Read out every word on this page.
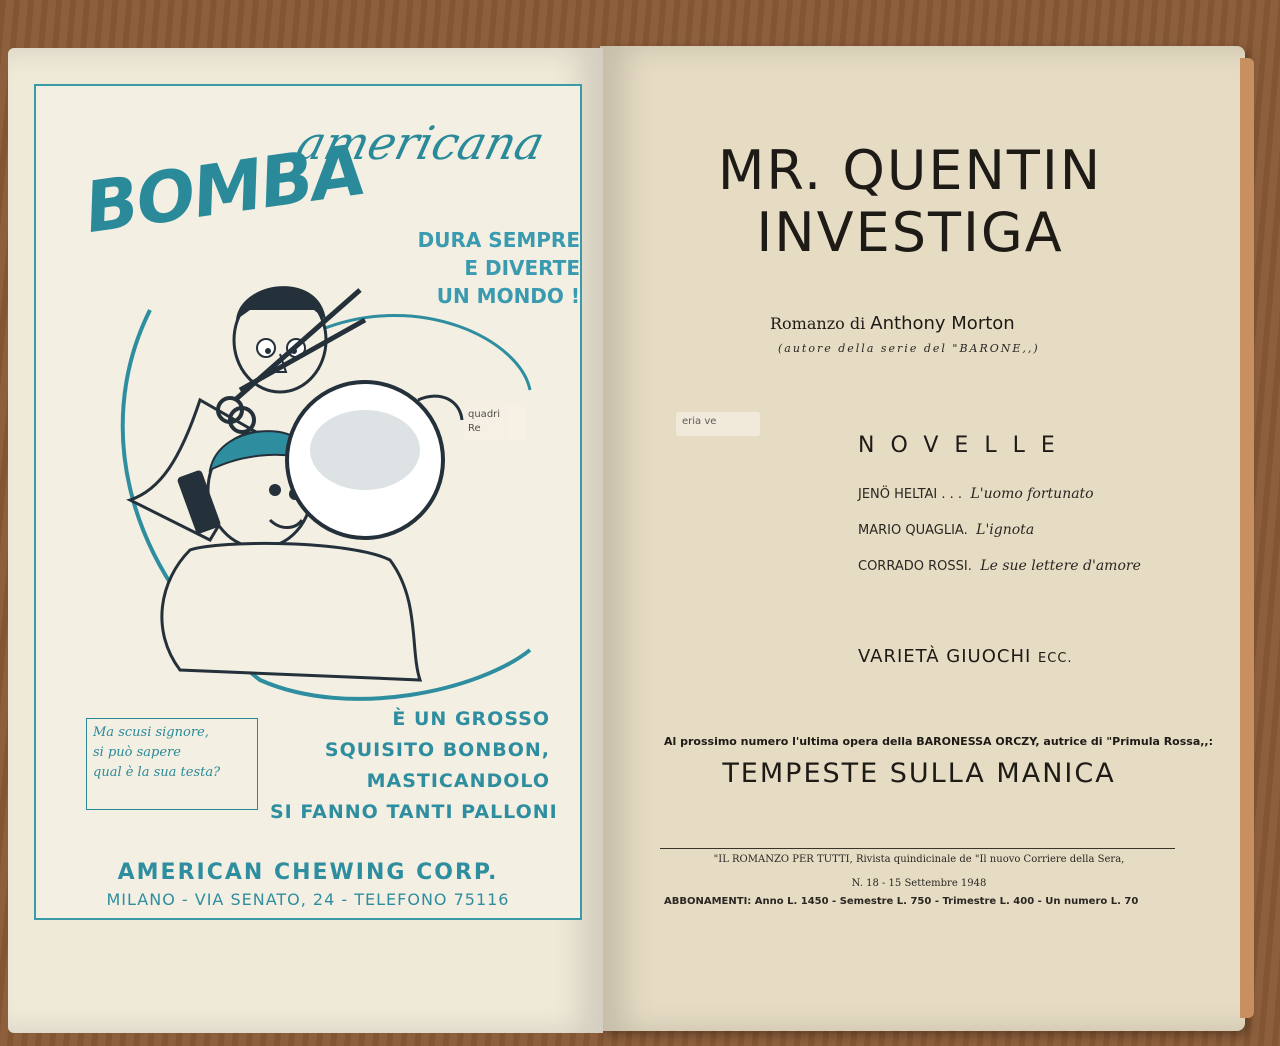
BOMBA
americana
DURA SEMPRE
E DIVERTE
UN MONDO !
quadri
Re
Ma scusi signore,
si può sapere
qual è la sua testa?
È UN GROSSO
SQUISITO BONBON,
MASTICANDOLO
SI FANNO TANTI PALLONI
AMERICAN CHEWING CORP.
MILANO - VIA SENATO, 24 - TELEFONO 75116
MR. QUENTIN
INVESTIGA
Romanzo di Anthony Morton
(autore della serie del "BARONE,,)
eria ve
NOVELLE
JENÖ HELTAI . . . L'uomo fortunato
MARIO QUAGLIA. L'ignota
CORRADO ROSSI. Le sue lettere d'amore
VARIETÀ GIUOCHI ECC.
Al prossimo numero l'ultima opera della BARONESSA ORCZY, autrice di "Primula Rossa,,:
TEMPESTE SULLA MANICA
"IL ROMANZO PER TUTTI, Rivista quindicinale de "Il nuovo Corriere della Sera,
N. 18 - 15 Settembre 1948
ABBONAMENTI: Anno L. 1450 - Semestre L. 750 - Trimestre L. 400 - Un numero L. 70
